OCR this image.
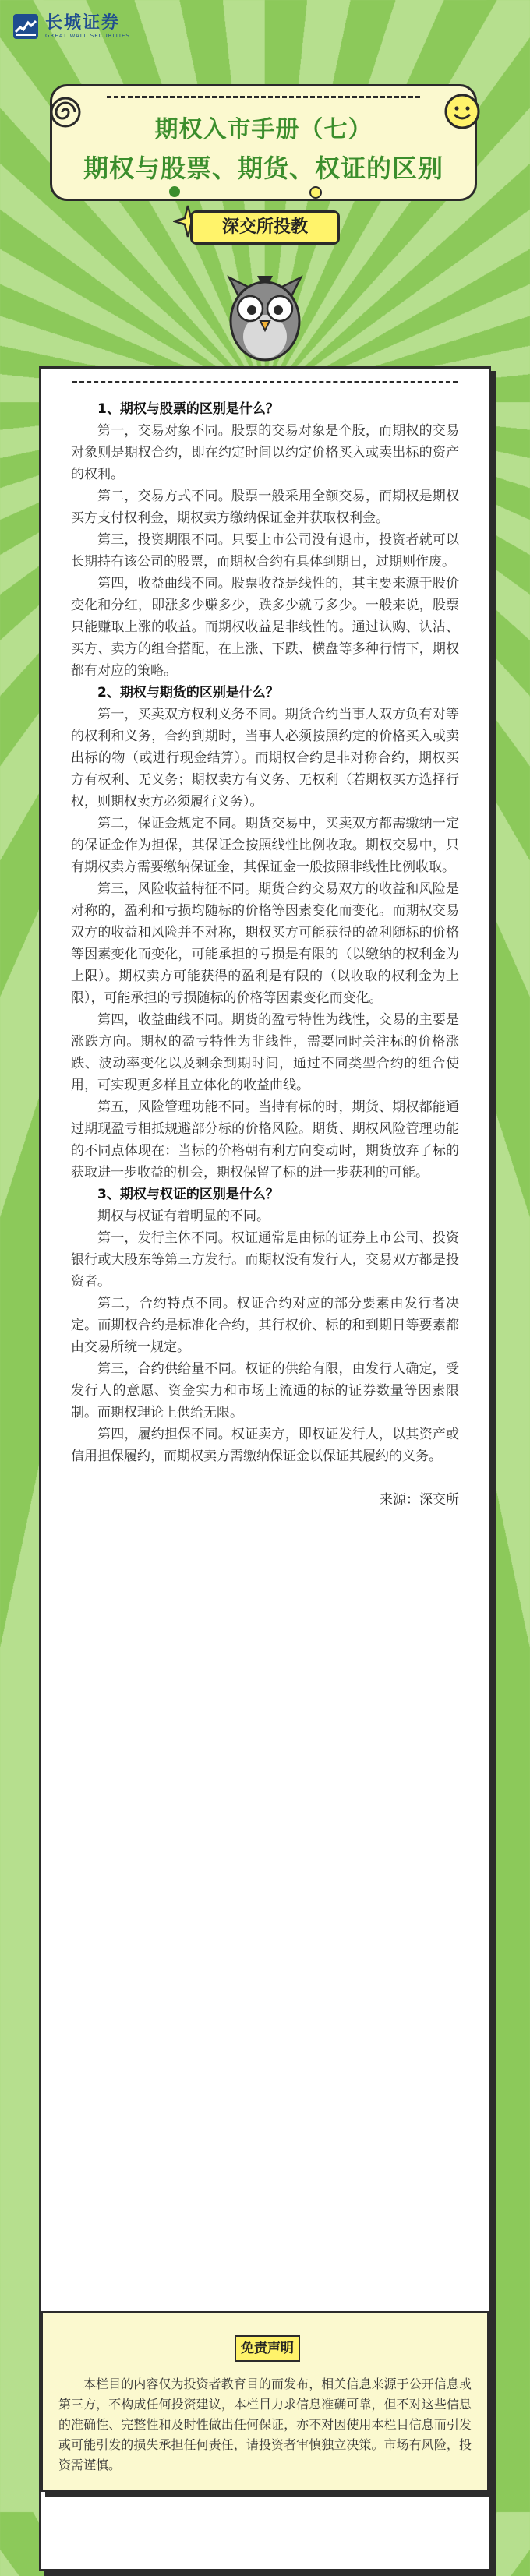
长城证券
GREAT WALL SECURITIES
期权入市手册（七）
期权与股票、期货、权证的区别
深交所投教
1、期权与股票的区别是什么？

第一，交易对象不同。股票的交易对象是个股，而期权的交易对象则是期权合约，即在约定时间以约定价格买入或卖出标的资产的权利。

第二，交易方式不同。股票一般采用全额交易，而期权是期权买方支付权利金，期权卖方缴纳保证金并获取权利金。

第三，投资期限不同。只要上市公司没有退市，投资者就可以长期持有该公司的股票，而期权合约有具体到期日，过期则作废。

第四，收益曲线不同。股票收益是线性的，其主要来源于股价变化和分红，即涨多少赚多少，跌多少就亏多少。一般来说，股票只能赚取上涨的收益。而期权收益是非线性的。通过认购、认沽、买方、卖方的组合搭配，在上涨、下跌、横盘等多种行情下，期权都有对应的策略。

2、期权与期货的区别是什么？

第一，买卖双方权利义务不同。期货合约当事人双方负有对等的权利和义务，合约到期时，当事人必须按照约定的价格买入或卖出标的物（或进行现金结算）。而期权合约是非对称合约，期权买方有权利、无义务；期权卖方有义务、无权利（若期权买方选择行权，则期权卖方必须履行义务）。

第二，保证金规定不同。期货交易中，买卖双方都需缴纳一定的保证金作为担保，其保证金按照线性比例收取。期权交易中，只有期权卖方需要缴纳保证金，其保证金一般按照非线性比例收取。

第三，风险收益特征不同。期货合约交易双方的收益和风险是对称的，盈利和亏损均随标的价格等因素变化而变化。而期权交易双方的收益和风险并不对称，期权买方可能获得的盈利随标的价格等因素变化而变化，可能承担的亏损是有限的（以缴纳的权利金为上限）。期权卖方可能获得的盈利是有限的（以收取的权利金为上限），可能承担的亏损随标的价格等因素变化而变化。

第四，收益曲线不同。期货的盈亏特性为线性，交易的主要是涨跌方向。期权的盈亏特性为非线性，需要同时关注标的价格涨跌、波动率变化以及剩余到期时间，通过不同类型合约的组合使用，可实现更多样且立体化的收益曲线。

第五，风险管理功能不同。当持有标的时，期货、期权都能通过期现盈亏相抵规避部分标的价格风险。期货、期权风险管理功能的不同点体现在：当标的价格朝有利方向变动时，期货放弃了标的获取进一步收益的机会，期权保留了标的进一步获利的可能。

3、期权与权证的区别是什么？

期权与权证有着明显的不同。

第一，发行主体不同。权证通常是由标的证券上市公司、投资银行或大股东等第三方发行。而期权没有发行人，交易双方都是投资者。

第二，合约特点不同。权证合约对应的部分要素由发行者决定。而期权合约是标准化合约，其行权价、标的和到期日等要素都由交易所统一规定。

第三，合约供给量不同。权证的供给有限，由发行人确定，受发行人的意愿、资金实力和市场上流通的标的证券数量等因素限制。而期权理论上供给无限。

第四，履约担保不同。权证卖方，即权证发行人，以其资产或信用担保履约，而期权卖方需缴纳保证金以保证其履约的义务。

来源：深交所

免责声明

本栏目的内容仅为投资者教育目的而发布，相关信息来源于公开信息或第三方，不构成任何投资建议，本栏目力求信息准确可靠，但不对这些信息的准确性、完整性和及时性做出任何保证，亦不对因使用本栏目信息而引发或可能引发的损失承担任何责任，请投资者审慎独立决策。市场有风险，投资需谨慎。
